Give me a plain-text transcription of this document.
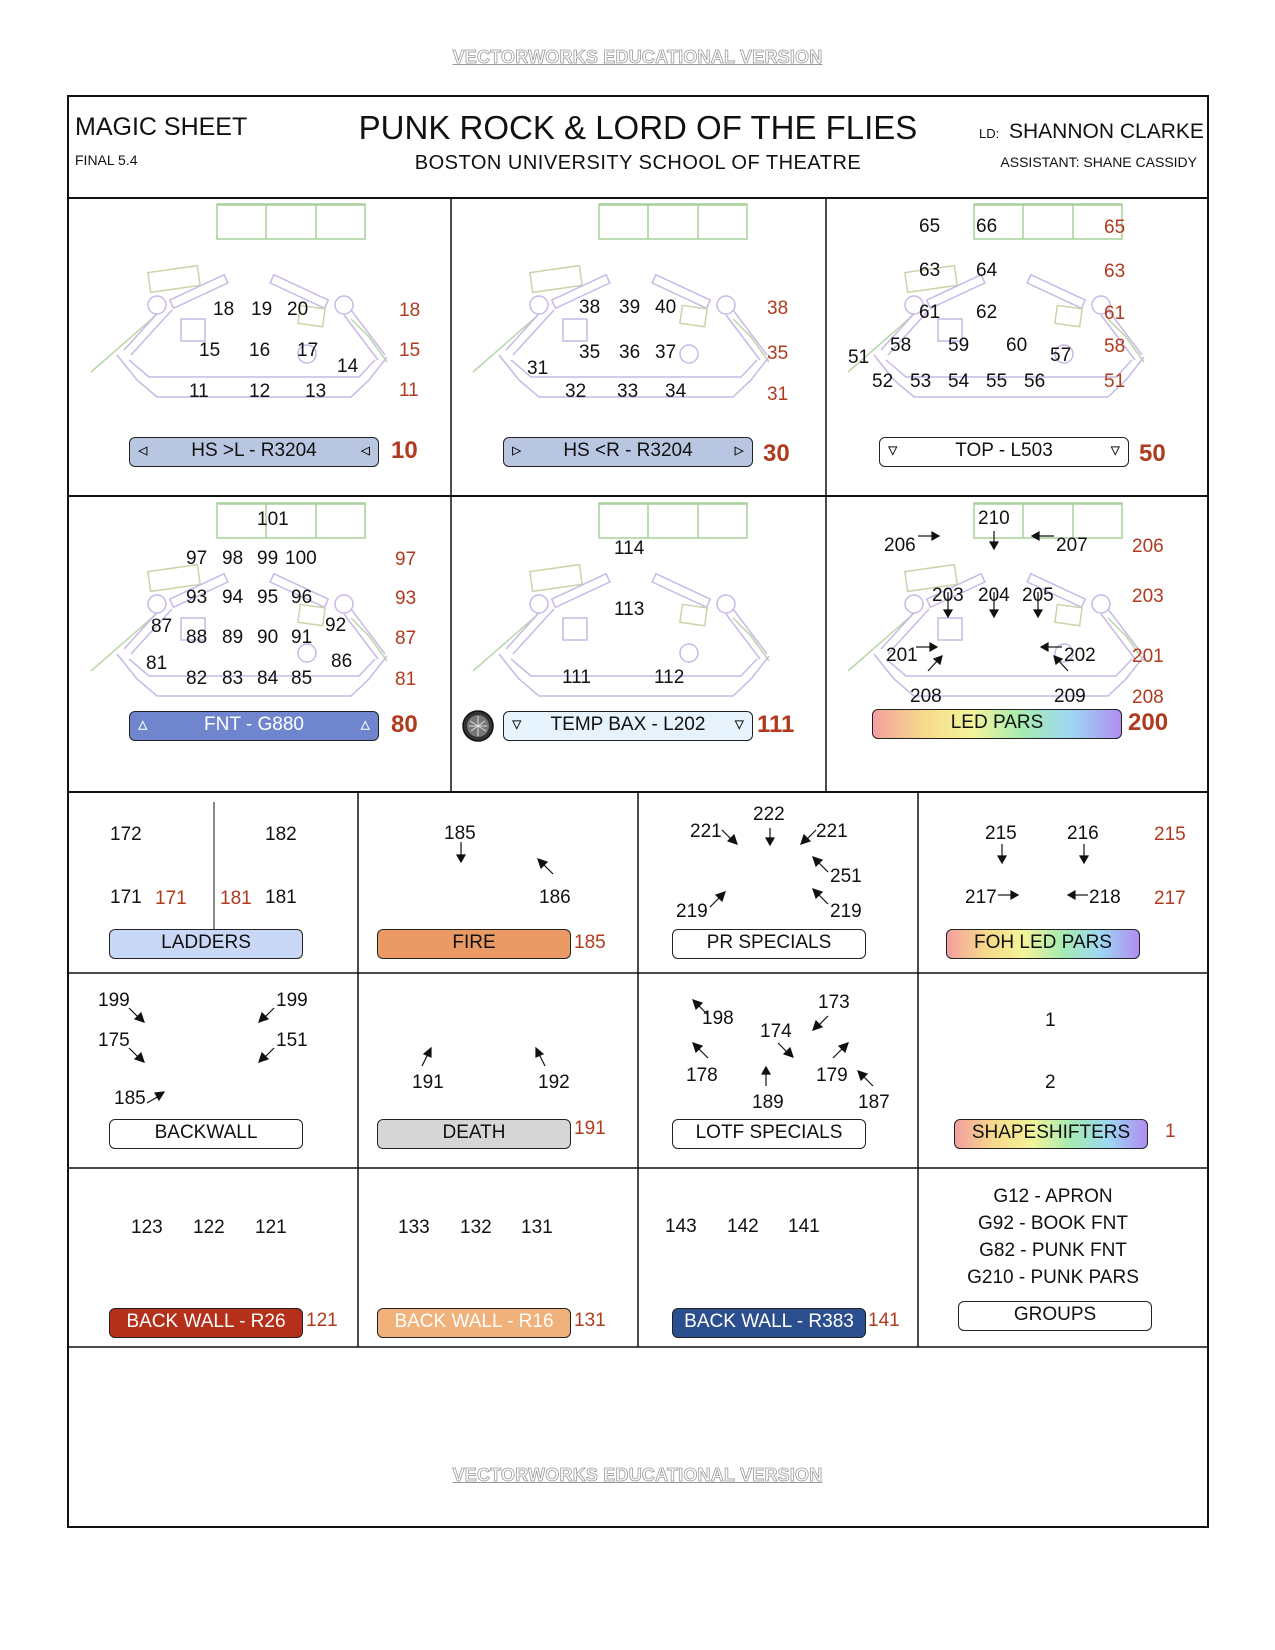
VECTORWORKS EDUCATIONAL VERSION
VECTORWORKS EDUCATIONAL VERSION
MAGIC SHEET
FINAL 5.4
PUNK ROCK & LORD OF THE FLIES
BOSTON UNIVERSITY SCHOOL OF THEATRE
LD: SHANNON CLARKE
ASSISTANT: SHANE CASSIDY
18 19 20
15 16 17
14
11 12 13
18
15
11
◃ HS >L - R3204 ◃ 10
38 39 40
35 36 37
31
32 33 34
38
35
31
▹ HS <R - R3204 ▹ 30
65 66
63 64
61 62
51
58 59 60 57
52 53 54 55 56
65
63
61
58
51
▿	TOP - L503	▿ 50
101
97 98 99 100
93 94 95 96
87
88 89 90 91
92
81	86
82 83 84 85
97
93
87
81
▵	FNT - G880	▵ 80
114
113
111	112
▿ TEMP BAX - L202 ▿ 111
210
206	207
203 204 205
201	202
208	209
206
203
201
208
LED PARS	200
172	182
171	181
171 181
LADDERS
185
186
FIRE	185
222
221	221
251
219	219
PR SPECIALS
215	216
217	218
215
217
FOH LED PARS
199	199
175	151
185
BACKWALL
191	192
DEATH	191
173
198
174
178	179
187
189
LOTF SPECIALS
1
2
SHAPESHIFTERS	1
123 122 121
BACK WALL - R26	121
133 132 131
BACK WALL - R16	131
143 142 141
BACK WALL - R383 141
G12 - APRON
G92 - BOOK FNT
G82 - PUNK FNT
G210 - PUNK PARS
GROUPS
